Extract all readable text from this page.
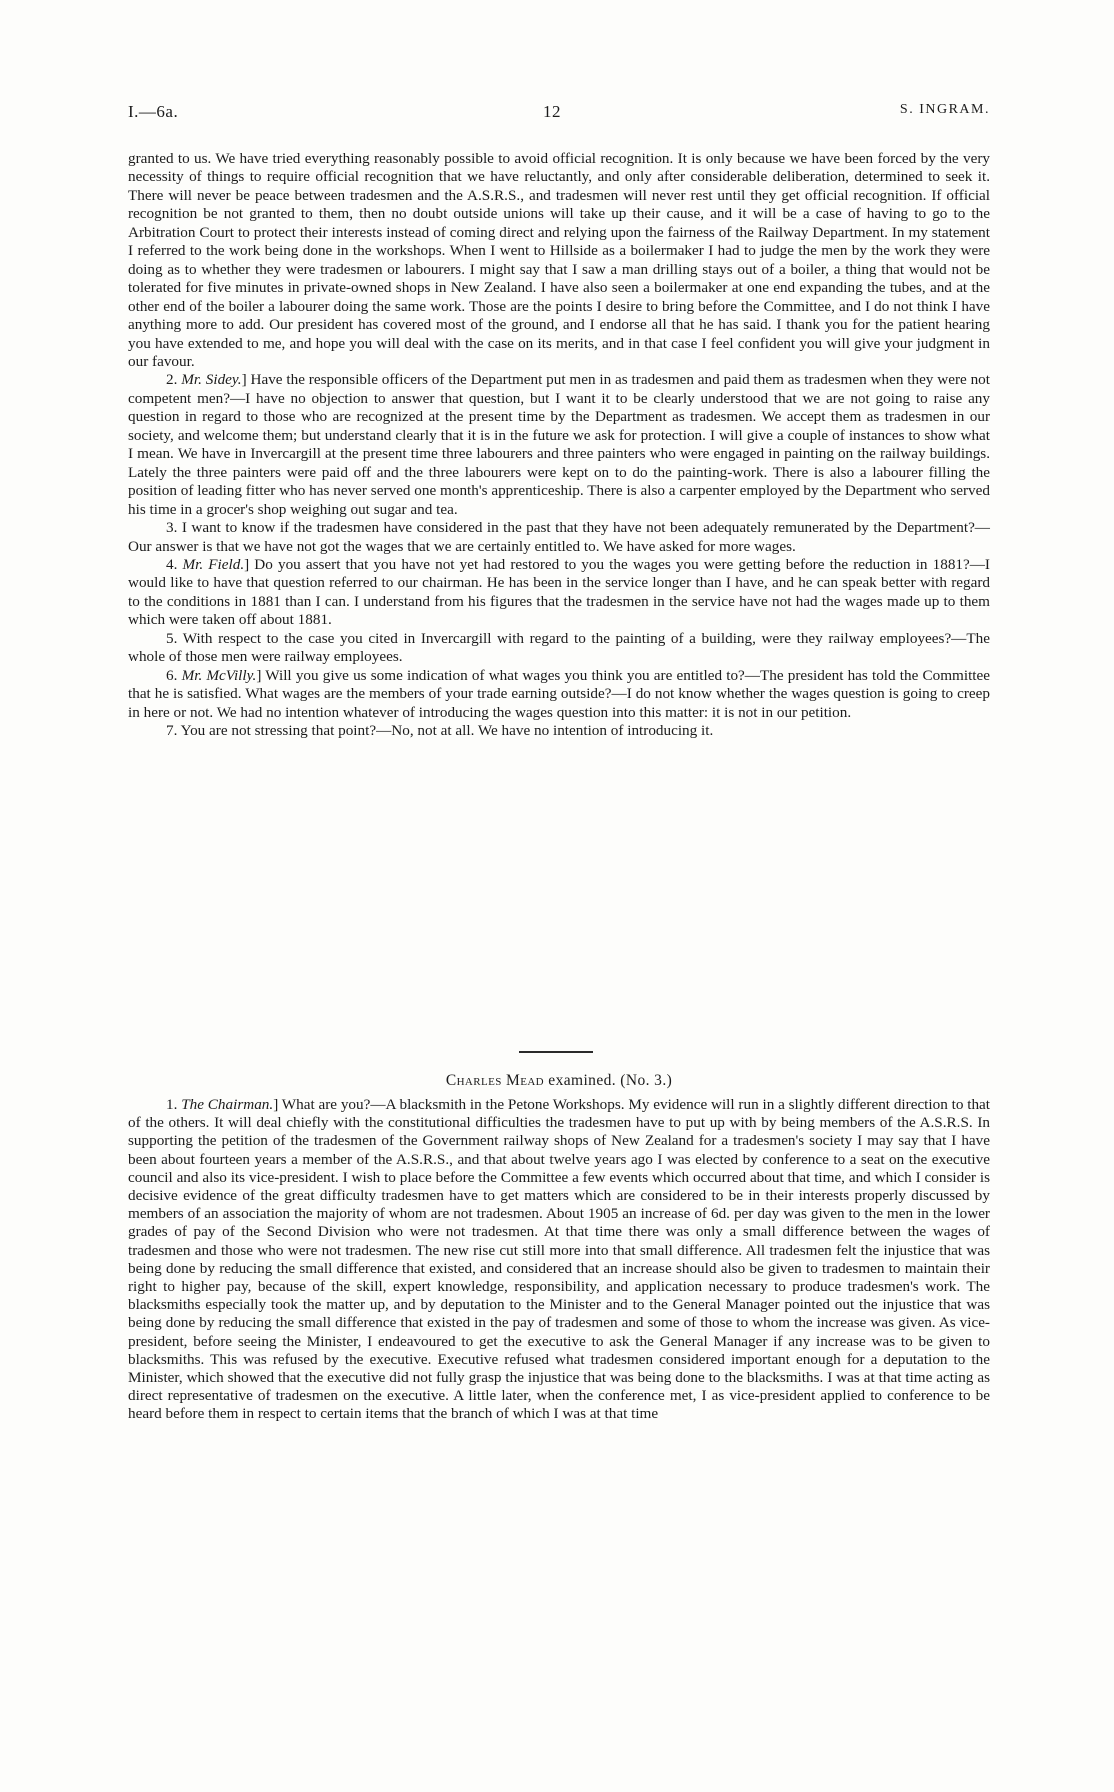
I.—6a.	12	S. INGRAM.

granted to us. We have tried everything reasonably possible to avoid official recognition. It is only because we have been forced by the very necessity of things to require official recognition that we have reluctantly, and only after considerable deliberation, determined to seek it. There will never be peace between tradesmen and the A.S.R.S., and tradesmen will never rest until they get official recognition. If official recognition be not granted to them, then no doubt outside unions will take up their cause, and it will be a case of having to go to the Arbitration Court to protect their interests instead of coming direct and relying upon the fairness of the Railway Department. In my statement I referred to the work being done in the workshops. When I went to Hillside as a boilermaker I had to judge the men by the work they were doing as to whether they were tradesmen or labourers. I might say that I saw a man drilling stays out of a boiler, a thing that would not be tolerated for five minutes in private-owned shops in New Zealand. I have also seen a boilermaker at one end expanding the tubes, and at the other end of the boiler a labourer doing the same work. Those are the points I desire to bring before the Committee, and I do not think I have anything more to add. Our president has covered most of the ground, and I endorse all that he has said. I thank you for the patient hearing you have extended to me, and hope you will deal with the case on its merits, and in that case I feel confident you will give your judgment in our favour.

2. Mr. Sidey.] Have the responsible officers of the Department put men in as tradesmen and paid them as tradesmen when they were not competent men?—I have no objection to answer that question, but I want it to be clearly understood that we are not going to raise any question in regard to those who are recognized at the present time by the Department as tradesmen. We accept them as tradesmen in our society, and welcome them; but understand clearly that it is in the future we ask for protection. I will give a couple of instances to show what I mean. We have in Invercargill at the present time three labourers and three painters who were engaged in painting on the railway buildings. Lately the three painters were paid off and the three labourers were kept on to do the painting-work. There is also a labourer filling the position of leading fitter who has never served one month's apprenticeship. There is also a carpenter employed by the Department who served his time in a grocer's shop weighing out sugar and tea.

3. I want to know if the tradesmen have considered in the past that they have not been adequately remunerated by the Department?—Our answer is that we have not got the wages that we are certainly entitled to. We have asked for more wages.

4. Mr. Field.] Do you assert that you have not yet had restored to you the wages you were getting before the reduction in 1881?—I would like to have that question referred to our chairman. He has been in the service longer than I have, and he can speak better with regard to the conditions in 1881 than I can. I understand from his figures that the tradesmen in the service have not had the wages made up to them which were taken off about 1881.

5. With respect to the case you cited in Invercargill with regard to the painting of a building, were they railway employees?—The whole of those men were railway employees.

6. Mr. McVilly.] Will you give us some indication of what wages you think you are entitled to?—The president has told the Committee that he is satisfied. What wages are the members of your trade earning outside?—I do not know whether the wages question is going to creep in here or not. We had no intention whatever of introducing the wages question into this matter: it is not in our petition.

7. You are not stressing that point?—No, not at all. We have no intention of introducing it.

Charles Mead examined. (No. 3.)

1. The Chairman.] What are you?—A blacksmith in the Petone Workshops. My evidence will run in a slightly different direction to that of the others. It will deal chiefly with the constitutional difficulties the tradesmen have to put up with by being members of the A.S.R.S. In supporting the petition of the tradesmen of the Government railway shops of New Zealand for a tradesmen's society I may say that I have been about fourteen years a member of the A.S.R.S., and that about twelve years ago I was elected by conference to a seat on the executive council and also its vice-president. I wish to place before the Committee a few events which occurred about that time, and which I consider is decisive evidence of the great difficulty tradesmen have to get matters which are considered to be in their interests properly discussed by members of an association the majority of whom are not tradesmen. About 1905 an increase of 6d. per day was given to the men in the lower grades of pay of the Second Division who were not tradesmen. At that time there was only a small difference between the wages of tradesmen and those who were not tradesmen. The new rise cut still more into that small difference. All tradesmen felt the injustice that was being done by reducing the small difference that existed, and considered that an increase should also be given to tradesmen to maintain their right to higher pay, because of the skill, expert knowledge, responsibility, and application necessary to produce tradesmen's work. The blacksmiths especially took the matter up, and by deputation to the Minister and to the General Manager pointed out the injustice that was being done by reducing the small difference that existed in the pay of tradesmen and some of those to whom the increase was given. As vice-president, before seeing the Minister, I endeavoured to get the executive to ask the General Manager if any increase was to be given to blacksmiths. This was refused by the executive. Executive refused what tradesmen considered important enough for a deputation to the Minister, which showed that the executive did not fully grasp the injustice that was being done to the blacksmiths. I was at that time acting as direct representative of tradesmen on the executive. A little later, when the conference met, I as vice-president applied to conference to be heard before them in respect to certain items that the branch of which I was at that time
